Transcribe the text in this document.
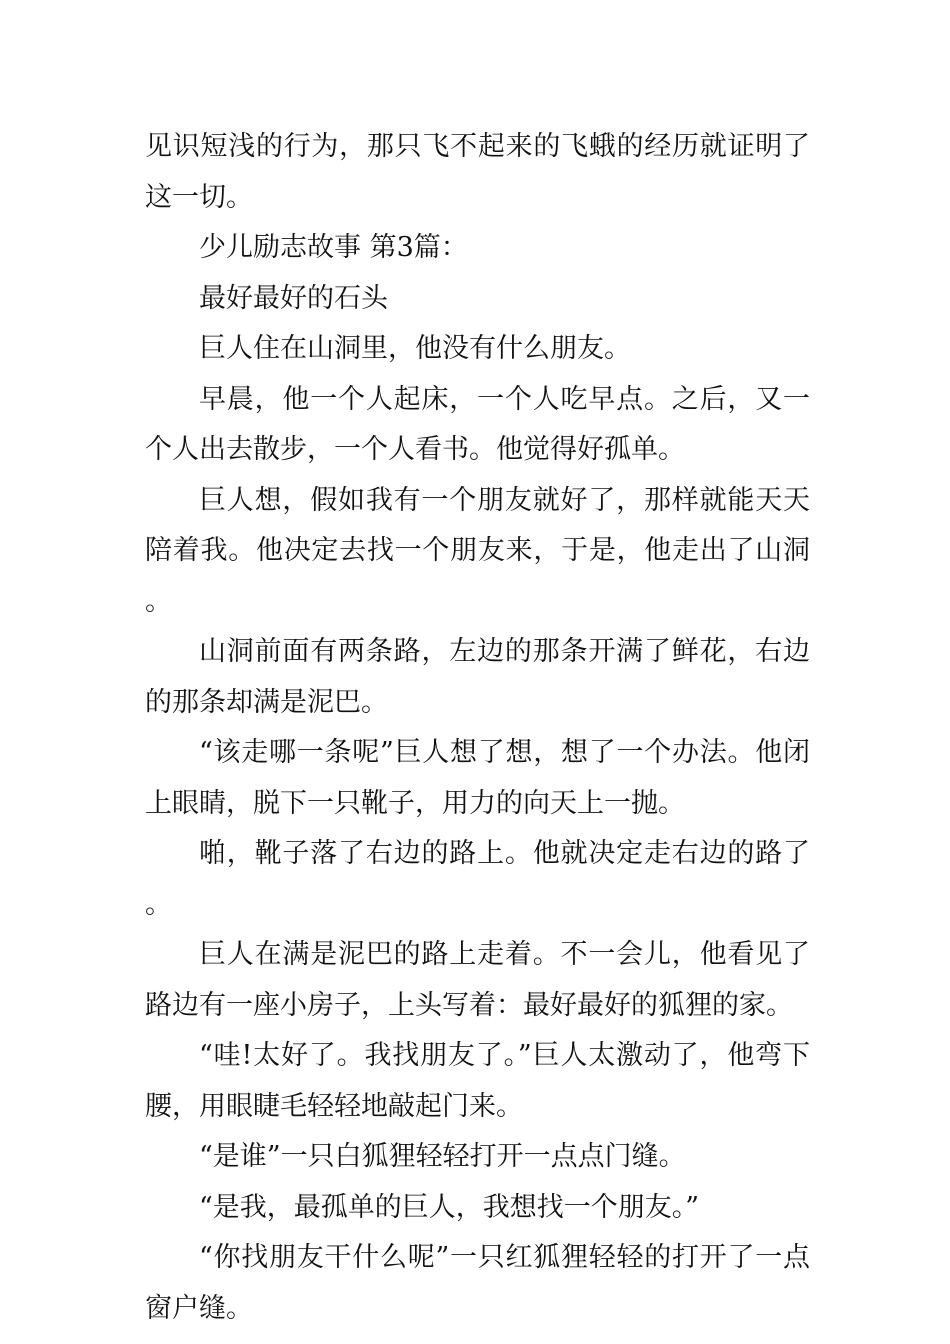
见识短浅的行为，那只飞不起来的飞蛾的经历就证明了这一切。

少儿励志故事 第3篇：

最好最好的石头

巨人住在山洞里，他没有什么朋友。

早晨，他一个人起床，一个人吃早点。之后，又一个人出去散步，一个人看书。他觉得好孤单。

巨人想，假如我有一个朋友就好了，那样就能天天陪着我。他决定去找一个朋友来，于是，他走出了山洞。

山洞前面有两条路，左边的那条开满了鲜花，右边的那条却满是泥巴。

“该走哪一条呢”巨人想了想，想了一个办法。他闭上眼睛，脱下一只靴子，用力的向天上一抛。

啪，靴子落了右边的路上。他就决定走右边的路了。

巨人在满是泥巴的路上走着。不一会儿，他看见了路边有一座小房子，上头写着：最好最好的狐狸的家。

“哇!太好了。我找朋友了。”巨人太激动了，他弯下腰，用眼睫毛轻轻地敲起门来。

“是谁”一只白狐狸轻轻打开一点点门缝。

“是我，最孤单的巨人，我想找一个朋友。”

“你找朋友干什么呢”一只红狐狸轻轻的打开了一点窗户缝。
